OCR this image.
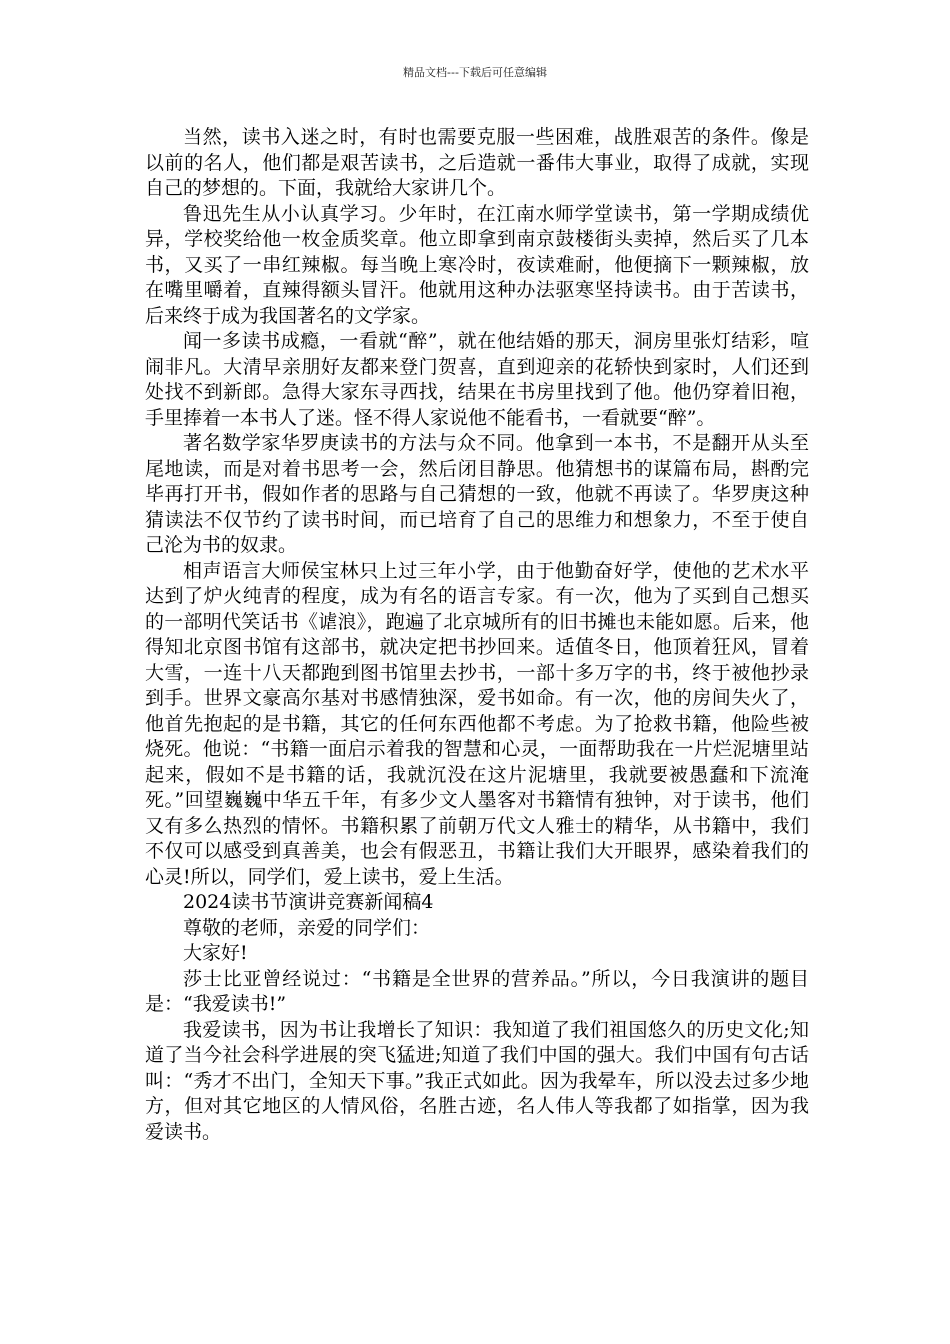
精品文档---下载后可任意编辑

当然，读书入迷之时，有时也需要克服一些困难，战胜艰苦的条件。像是以前的名人，他们都是艰苦读书，之后造就一番伟大事业，取得了成就，实现自己的梦想的。下面，我就给大家讲几个。

鲁迅先生从小认真学习。少年时，在江南水师学堂读书，第一学期成绩优异，学校奖给他一枚金质奖章。他立即拿到南京鼓楼街头卖掉，然后买了几本书，又买了一串红辣椒。每当晚上寒冷时，夜读难耐，他便摘下一颗辣椒，放在嘴里嚼着，直辣得额头冒汗。他就用这种办法驱寒坚持读书。由于苦读书，后来终于成为我国著名的文学家。

闻一多读书成瘾，一看就“醉”，就在他结婚的那天，洞房里张灯结彩，喧闹非凡。大清早亲朋好友都来登门贺喜，直到迎亲的花轿快到家时，人们还到处找不到新郎。急得大家东寻西找，结果在书房里找到了他。他仍穿着旧袍，手里捧着一本书人了迷。怪不得人家说他不能看书，一看就要“醉”。

著名数学家华罗庚读书的方法与众不同。他拿到一本书，不是翻开从头至尾地读，而是对着书思考一会，然后闭目静思。他猜想书的谋篇布局，斟酌完毕再打开书，假如作者的思路与自己猜想的一致，他就不再读了。华罗庚这种猜读法不仅节约了读书时间，而已培育了自己的思维力和想象力，不至于使自己沦为书的奴隶。

相声语言大师侯宝林只上过三年小学，由于他勤奋好学，使他的艺术水平达到了炉火纯青的程度，成为有名的语言专家。有一次，他为了买到自己想买的一部明代笑话书《谑浪》，跑遍了北京城所有的旧书摊也未能如愿。后来，他得知北京图书馆有这部书，就决定把书抄回来。适值冬日，他顶着狂风，冒着大雪，一连十八天都跑到图书馆里去抄书，一部十多万字的书，终于被他抄录到手。世界文豪高尔基对书感情独深，爱书如命。有一次，他的房间失火了，他首先抱起的是书籍，其它的任何东西他都不考虑。为了抢救书籍，他险些被烧死。他说：“书籍一面启示着我的智慧和心灵，一面帮助我在一片烂泥塘里站起来，假如不是书籍的话，我就沉没在这片泥塘里，我就要被愚蠢和下流淹死。”回望巍巍中华五千年，有多少文人墨客对书籍情有独钟，对于读书，他们又有多么热烈的情怀。书籍积累了前朝万代文人雅士的精华，从书籍中，我们不仅可以感受到真善美，也会有假恶丑，书籍让我们大开眼界，感染着我们的心灵!所以，同学们，爱上读书，爱上生活。

2024读书节演讲竞赛新闻稿4

尊敬的老师，亲爱的同学们：

大家好!

莎士比亚曾经说过：“书籍是全世界的营养品。”所以，今日我演讲的题目是：“我爱读书!”

我爱读书，因为书让我增长了知识：我知道了我们祖国悠久的历史文化;知道了当今社会科学进展的突飞猛进;知道了我们中国的强大。我们中国有句古话叫：“秀才不出门，全知天下事。”我正式如此。因为我晕车，所以没去过多少地方，但对其它地区的人情风俗，名胜古迹，名人伟人等我都了如指掌，因为我爱读书。
